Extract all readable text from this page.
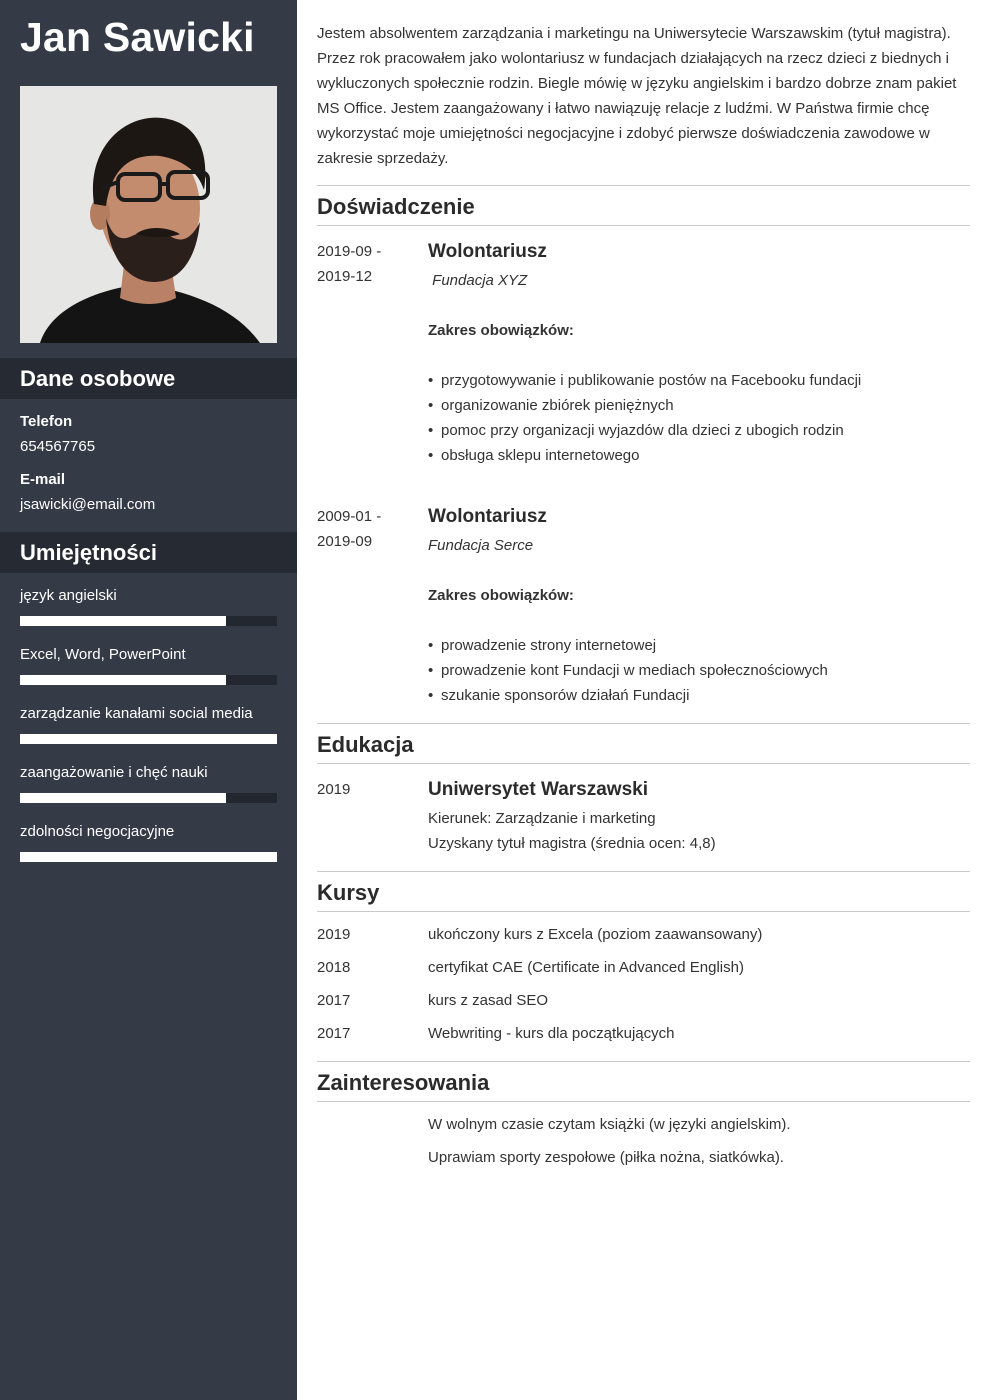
Jan Sawicki
Dane osobowe
Telefon
654567765
E-mail
jsawicki@email.com
Umiejętności
język angielski
Excel, Word, PowerPoint
zarządzanie kanałami social media
zaangażowanie i chęć nauki
zdolności negocjacyjne

Jestem absolwentem zarządzania i marketingu na Uniwersytecie Warszawskim (tytuł magistra). Przez rok pracowałem jako wolontariusz w fundacjach działających na rzecz dzieci z biednych i wykluczonych społecznie rodzin. Biegle mówię w języku angielskim i bardzo dobrze znam pakiet MS Office. Jestem zaangażowany i łatwo nawiązuję relacje z ludźmi. W Państwa firmie chcę wykorzystać moje umiejętności negocjacyjne i zdobyć pierwsze doświadczenia zawodowe w zakresie sprzedaży.

Doświadczenie
2019-09 -
2019-12
Wolontariusz
Fundacja XYZ
Zakres obowiązków:
• przygotowywanie i publikowanie postów na Facebooku fundacji
• organizowanie zbiórek pieniężnych
• pomoc przy organizacji wyjazdów dla dzieci z ubogich rodzin
• obsługa sklepu internetowego
2009-01 -
2019-09
Wolontariusz
Fundacja Serce
Zakres obowiązków:
• prowadzenie strony internetowej
• prowadzenie kont Fundacji w mediach społecznościowych
• szukanie sponsorów działań Fundacji
Edukacja
2019	Uniwersytet Warszawski
Kierunek: Zarządzanie i marketing
Uzyskany tytuł magistra (średnia ocen: 4,8)
Kursy
2019	ukończony kurs z Excela (poziom zaawansowany)
2018	certyfikat CAE (Certificate in Advanced English)
2017	kurs z zasad SEO
2017	Webwriting - kurs dla początkujących
Zainteresowania
W wolnym czasie czytam książki (w języki angielskim).
Uprawiam sporty zespołowe (piłka nożna, siatkówka).
